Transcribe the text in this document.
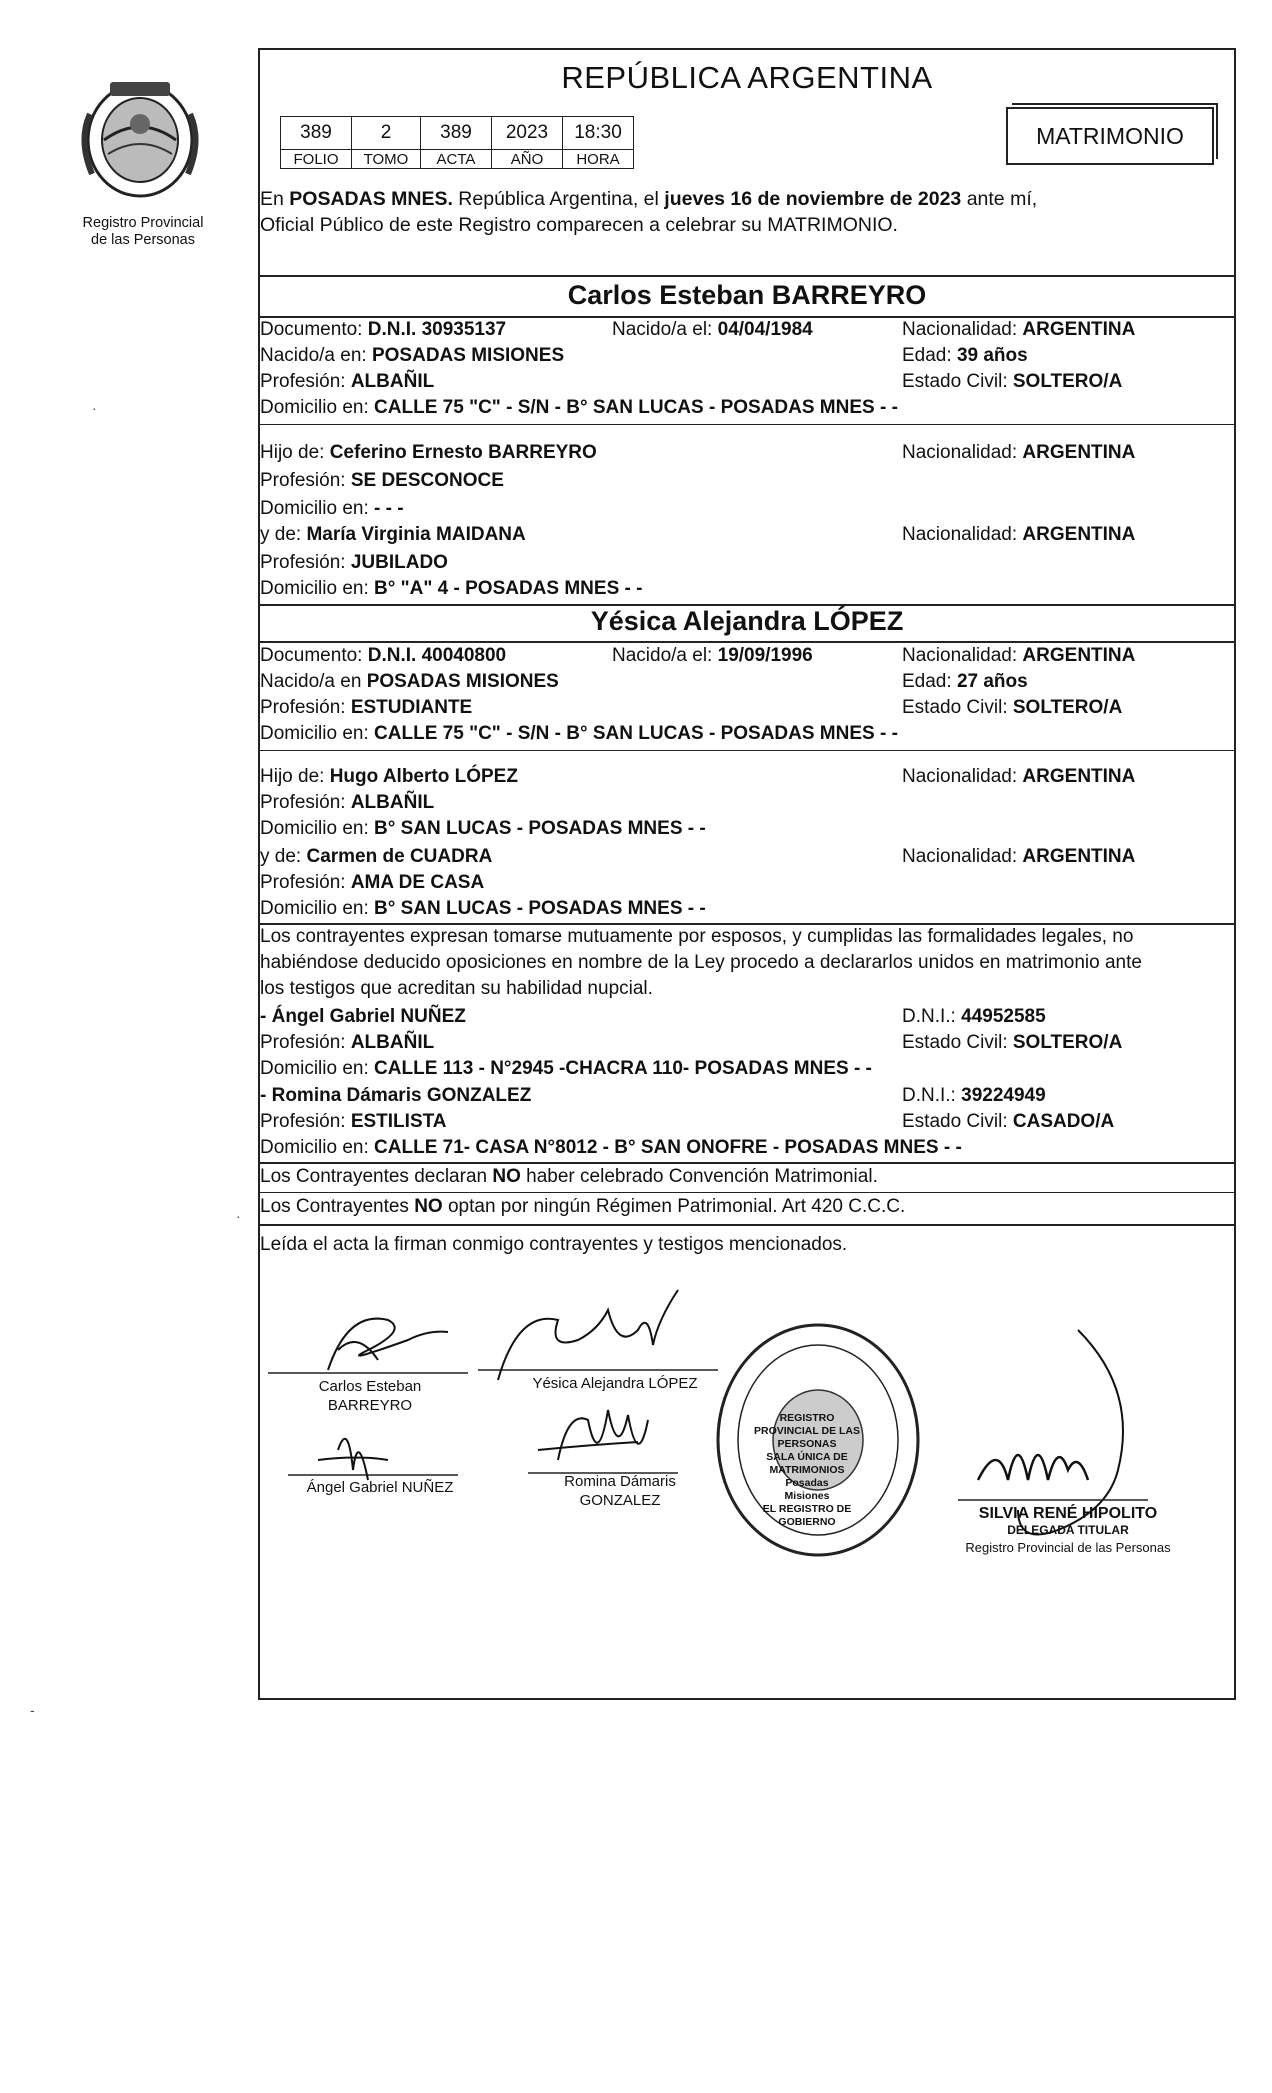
Registro Provincial
de las Personas
·
·
-
REPÚBLICA ARGENTINA
389	2	389	2023	18:30
FOLIO	TOMO	ACTA	AÑO	HORA
MATRIMONIO
En POSADAS MNES. República Argentina, el jueves 16 de noviembre de 2023 ante mí,
Oficial Público de este Registro comparecen a celebrar su MATRIMONIO.
Carlos Esteban BARREYRO
Documento: D.N.I. 30935137	Nacido/a el: 04/04/1984	Nacionalidad: ARGENTINA
Nacido/a en: POSADAS MISIONES	Edad: 39 años
Profesión: ALBAÑIL	Estado Civil: SOLTERO/A
Domicilio en: CALLE 75 "C" - S/N - B° SAN LUCAS - POSADAS MNES - -
Hijo de: Ceferino Ernesto BARREYRO	Nacionalidad: ARGENTINA
Profesión: SE DESCONOCE
Domicilio en: - - -
y de: María Virginia MAIDANA	Nacionalidad: ARGENTINA
Profesión: JUBILADO
Domicilio en: B° "A" 4 - POSADAS MNES - -
Yésica Alejandra LÓPEZ
Documento: D.N.I. 40040800	Nacido/a el: 19/09/1996	Nacionalidad: ARGENTINA
Nacido/a en POSADAS MISIONES	Edad: 27 años
Profesión: ESTUDIANTE	Estado Civil: SOLTERO/A
Domicilio en: CALLE 75 "C" - S/N - B° SAN LUCAS - POSADAS MNES - -
Hijo de: Hugo Alberto LÓPEZ	Nacionalidad: ARGENTINA
Profesión: ALBAÑIL
Domicilio en: B° SAN LUCAS - POSADAS MNES - -
y de: Carmen de CUADRA	Nacionalidad: ARGENTINA
Profesión: AMA DE CASA
Domicilio en: B° SAN LUCAS - POSADAS MNES - -
Los contrayentes expresan tomarse mutuamente por esposos, y cumplidas las formalidades legales, no
habiéndose deducido oposiciones en nombre de la Ley procedo a declararlos unidos en matrimonio ante
los testigos que acreditan su habilidad nupcial.
- Ángel Gabriel NUÑEZ	D.N.I.: 44952585
Profesión: ALBAÑIL	Estado Civil: SOLTERO/A
Domicilio en: CALLE 113 - N°2945 -CHACRA 110- POSADAS MNES - -
- Romina Dámaris GONZALEZ	D.N.I.: 39224949
Profesión: ESTILISTA	Estado Civil: CASADO/A
Domicilio en: CALLE 71- CASA N°8012 - B° SAN ONOFRE - POSADAS MNES - -
Los Contrayentes declaran NO haber celebrado Convención Matrimonial.
Los Contrayentes NO optan por ningún Régimen Patrimonial. Art 420 C.C.C.
Leída el acta la firman conmigo contrayentes y testigos mencionados.
Carlos Esteban
BARREYRO
Yésica Alejandra LÓPEZ
Ángel Gabriel NUÑEZ	Romina Dámaris
GONZALEZ
REGISTRO PROVINCIAL DE LAS PERSONAS
SALA ÚNICA DE MATRIMONIOS
Posadas
Misiones
EL REGISTRO DE GOBIERNO	SILVIA RENÉ HIPOLITO
DELEGADA TITULAR
Registro Provincial de las Personas
